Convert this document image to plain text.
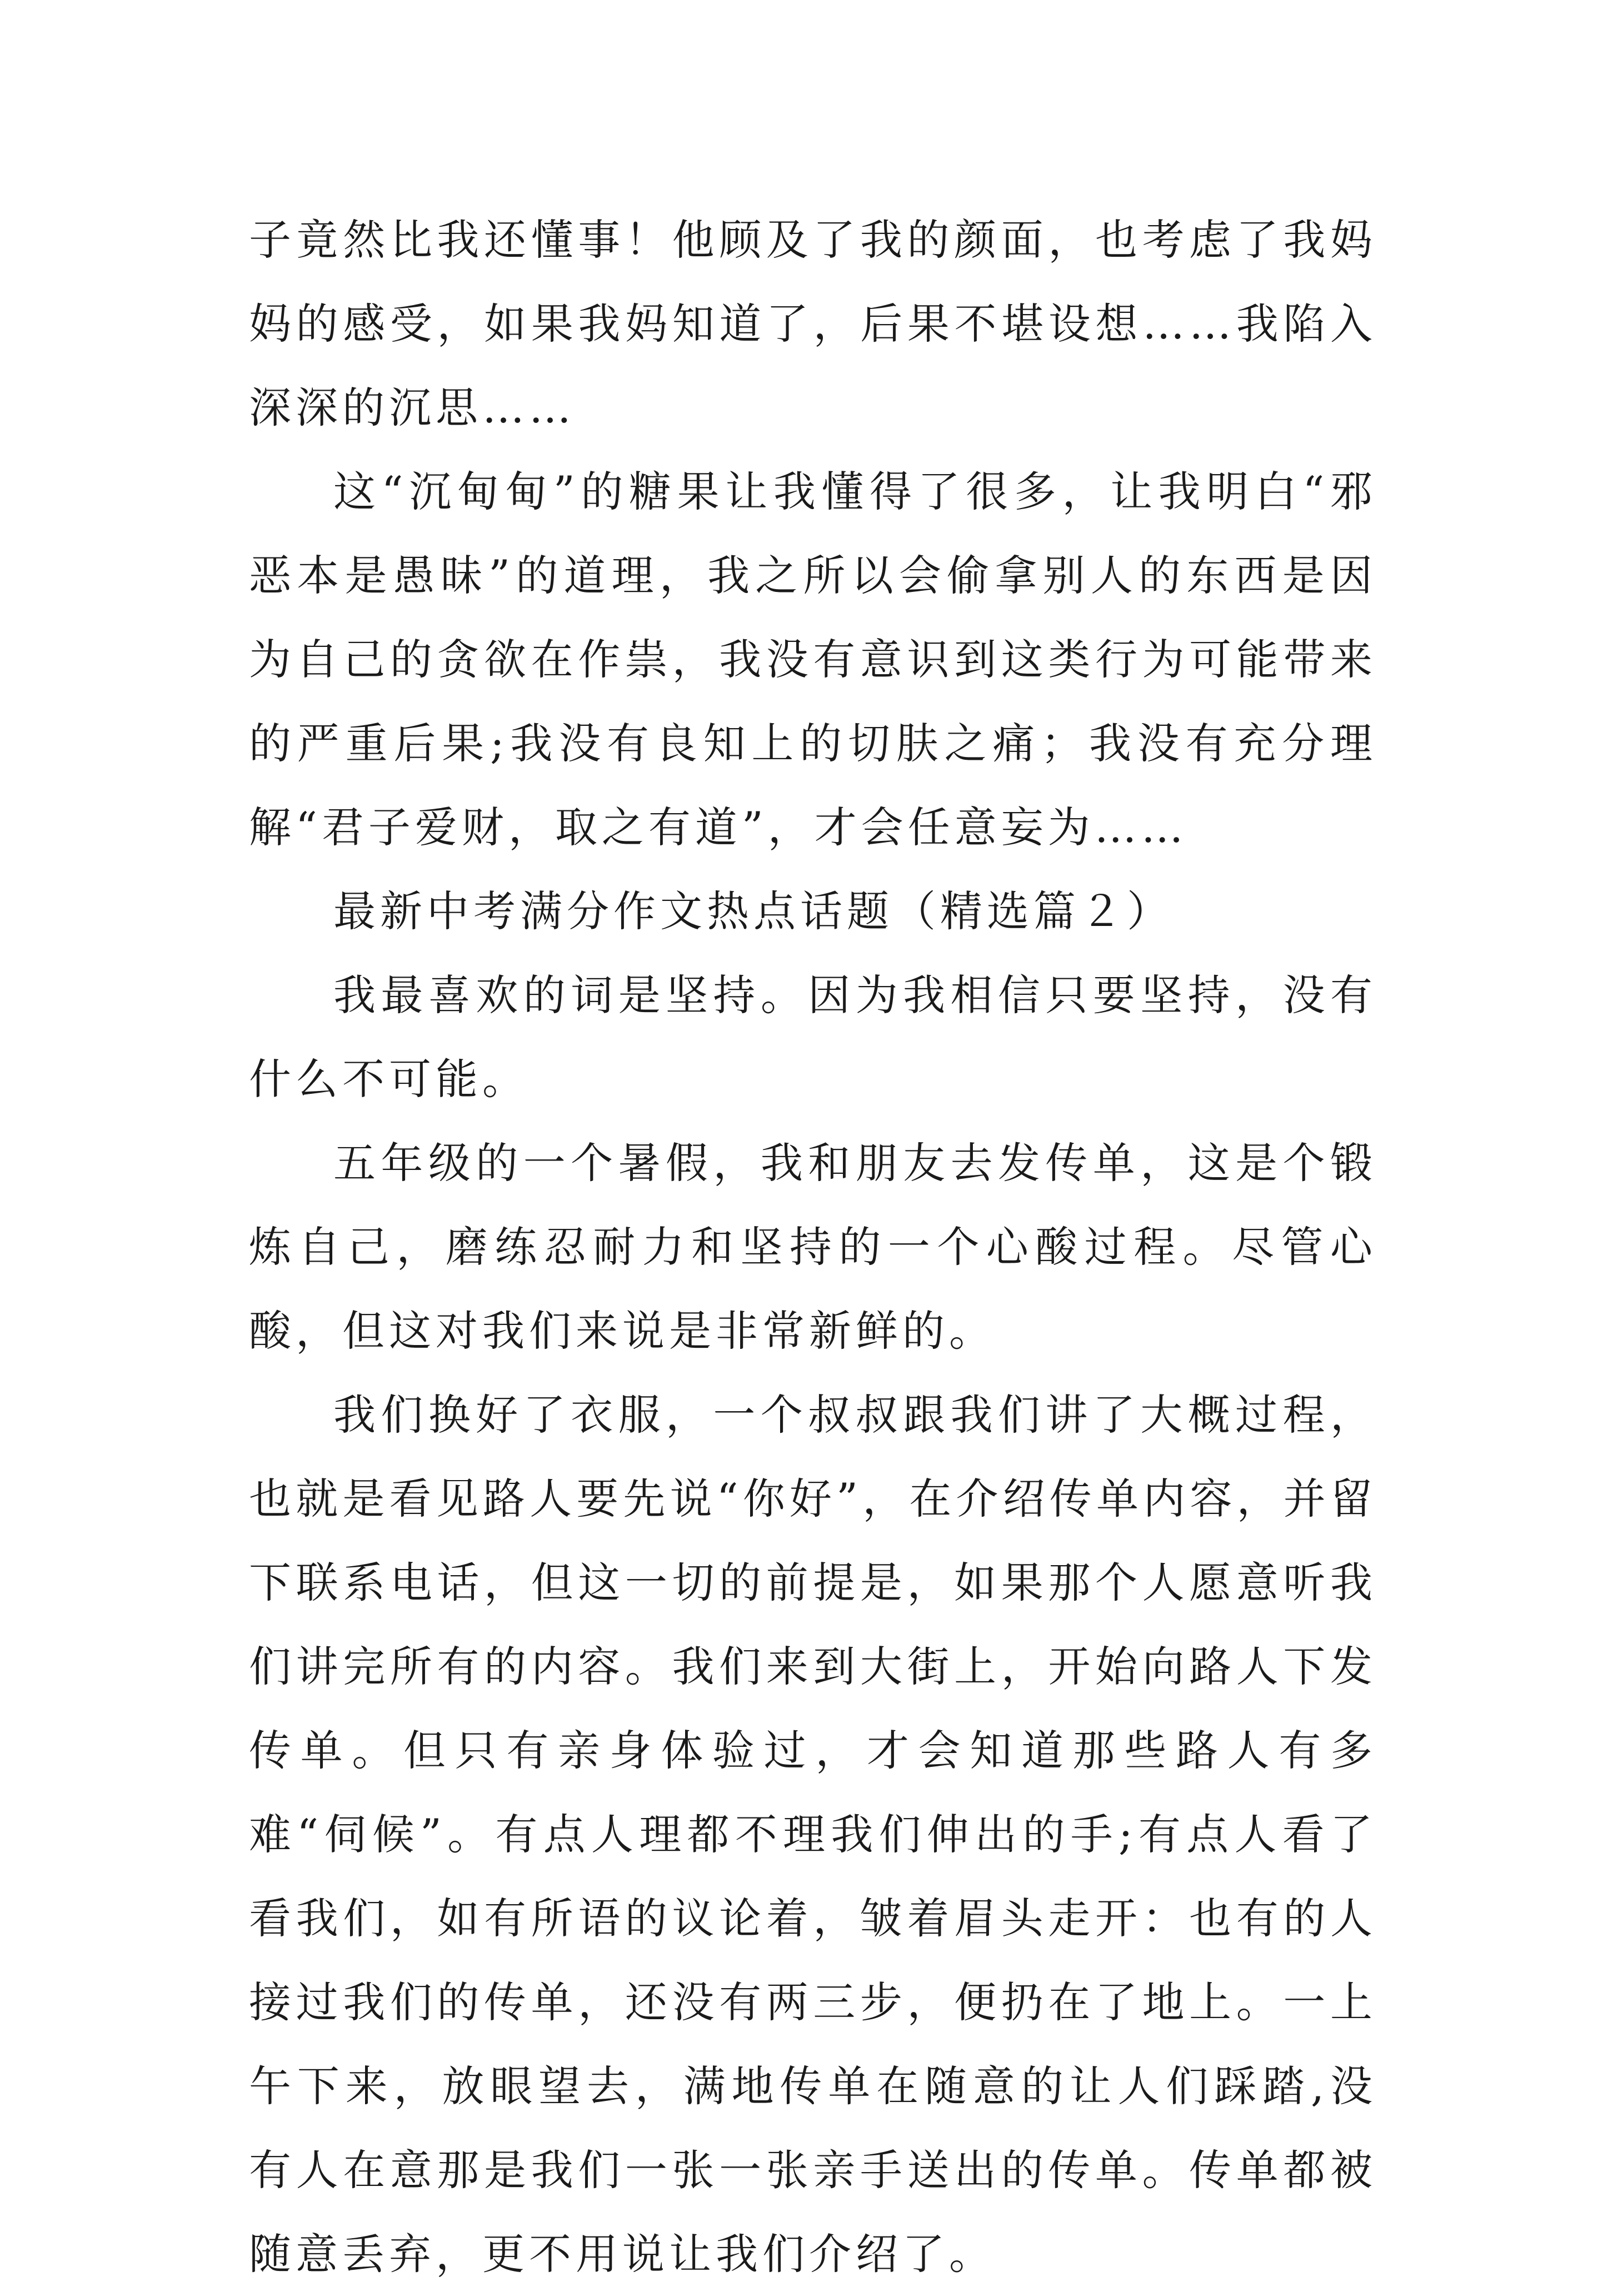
子竟然比我还懂事！他顾及了我的颜面，也考虑了我妈妈的感受，如果我妈知道了，后果不堪设想……我陷入深深的沉思……

这“沉甸甸”的糖果让我懂得了很多，让我明白“邪恶本是愚昧”的道理，我之所以会偷拿别人的东西是因为自己的贪欲在作祟，我没有意识到这类行为可能带来的严重后果;我没有良知上的切肤之痛；我没有充分理解“君子爱财，取之有道”，才会任意妄为……

最新中考满分作文热点话题（精选篇２）

我最喜欢的词是坚持。因为我相信只要坚持，没有什么不可能。

五年级的一个暑假，我和朋友去发传单，这是个锻炼自己，磨练忍耐力和坚持的一个心酸过程。尽管心酸，但这对我们来说是非常新鲜的。

我们换好了衣服，一个叔叔跟我们讲了大概过程，也就是看见路人要先说“你好”，在介绍传单内容，并留下联系电话，但这一切的前提是，如果那个人愿意听我们讲完所有的内容。我们来到大街上，开始向路人下发传单。但只有亲身体验过，才会知道那些路人有多难“伺候”。有点人理都不理我们伸出的手;有点人看了看我们，如有所语的议论着，皱着眉头走开：也有的人接过我们的传单，还没有两三步，便扔在了地上。一上午下来，放眼望去，满地传单在随意的让人们踩踏,没有人在意那是我们一张一张亲手送出的传单。传单都被随意丢弃，更不用说让我们介绍了。
